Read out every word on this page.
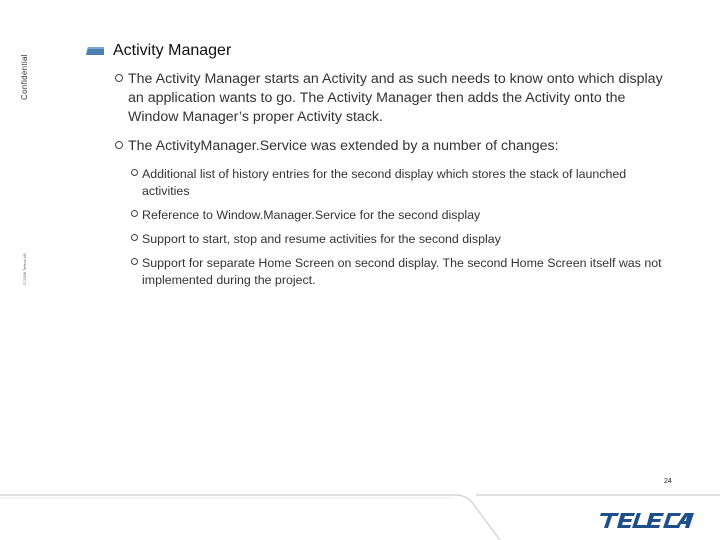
Confidential
© 2008 Teleca AB
Activity Manager
The Activity Manager starts an Activity and as such needs to know onto which display an application wants to go. The Activity Manager then adds the Activity onto the Window Manager’s proper Activity stack.
The ActivityManager.Service was extended by a number of changes:
Additional list of history entries for the second display which stores the stack of launched activities
Reference to Window.Manager.Service for the second display
Support to start, stop and resume activities for the second display
Support for separate Home Screen on second display. The second Home Screen itself was not implemented during the project.
24
